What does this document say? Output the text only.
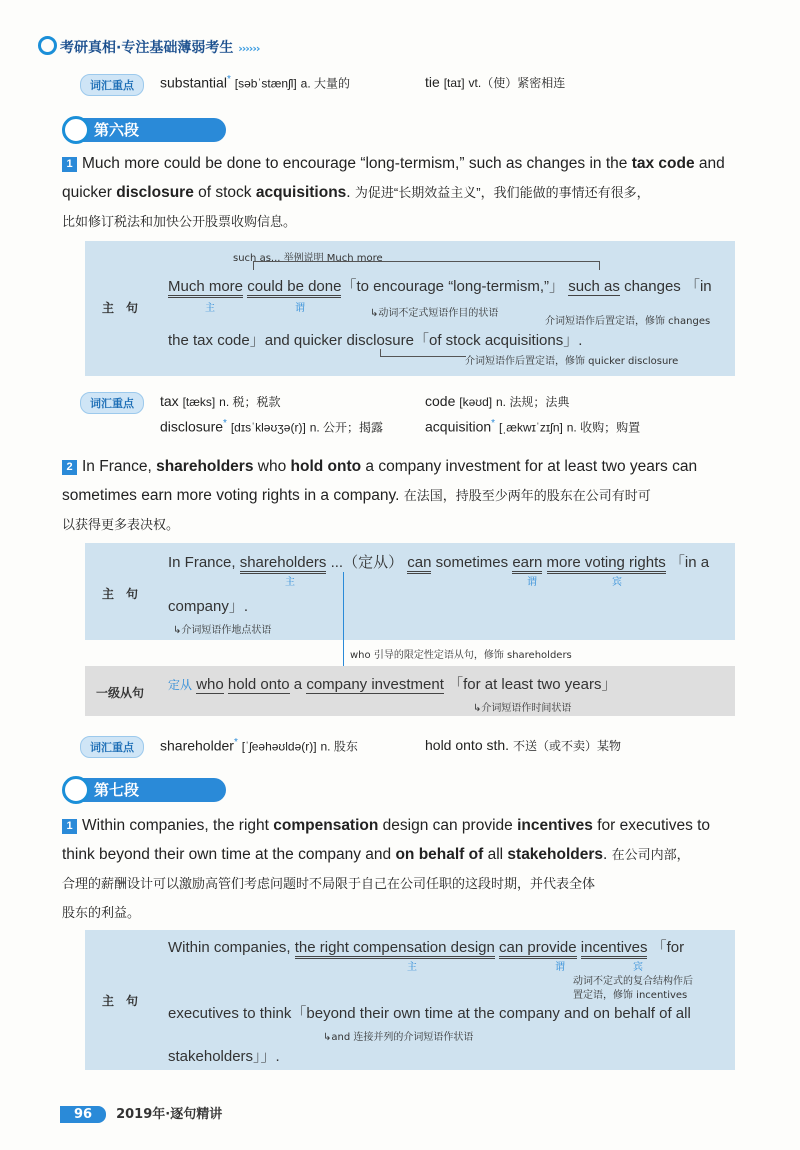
考研真相·专注基础薄弱考生 ››››››
词汇重点	substantial* [səbˈstænʃl] a. 大量的	tie [taɪ] vt.（使）紧密相连
第六段
1 Much more could be done to encourage “long-termism,” such as changes in the tax code and quicker disclosure of stock acquisitions. 为促进“长期效益主义”，我们能做的事情还有很多，
比如修订税法和加快公开股票收购信息。
主　句
such as... 举例说明 Much more
Much more could be done「to encourage “long-termism,”」 such as changes 「in
主	谓	↳动词不定式短语作目的状语
介词短语作后置定语，修饰 changes
the tax code」and quicker disclosure「of stock acquisitions」.
介词短语作后置定语，修饰 quicker disclosure
词汇重点	tax [tæks] n. 税；税款	code [kəʊd] n. 法规；法典
disclosure* [dɪsˈkləʊʒə(r)] n. 公开；揭露	acquisition* [ˌækwɪˈzɪʃn] n. 收购；购置
2 In France, shareholders who hold onto a company investment for at least two years can sometimes earn more voting rights in a company. 在法国，持股至少两年的股东在公司有时可
以获得更多表决权。
主　句
In France, shareholders ...（定从） can sometimes earn more voting rights 「in a
主	谓	宾
company」.
↳介词短语作地点状语
who 引导的限定性定语从句，修饰 shareholders
一级从句
定从 who hold onto a company investment 「for at least two years」
↳介词短语作时间状语
词汇重点	shareholder* [ˈʃeəhəʊldə(r)] n. 股东	hold onto sth. 不送（或不卖）某物
第七段
1 Within companies, the right compensation design can provide incentives for executives to think beyond their own time at the company and on behalf of all stakeholders. 在公司内部，
合理的薪酬设计可以激励高管们考虑问题时不局限于自己在公司任职的这段时期，并代表全体
股东的利益。
主　句
Within companies, the right compensation design can provide incentives 「for
主	谓	宾
动词不定式的复合结构作后
置定语，修饰 incentives
executives to think「beyond their own time at the company and on behalf of all
↳and 连接并列的介词短语作状语
stakeholders」」.
96 2019年·逐句精讲
